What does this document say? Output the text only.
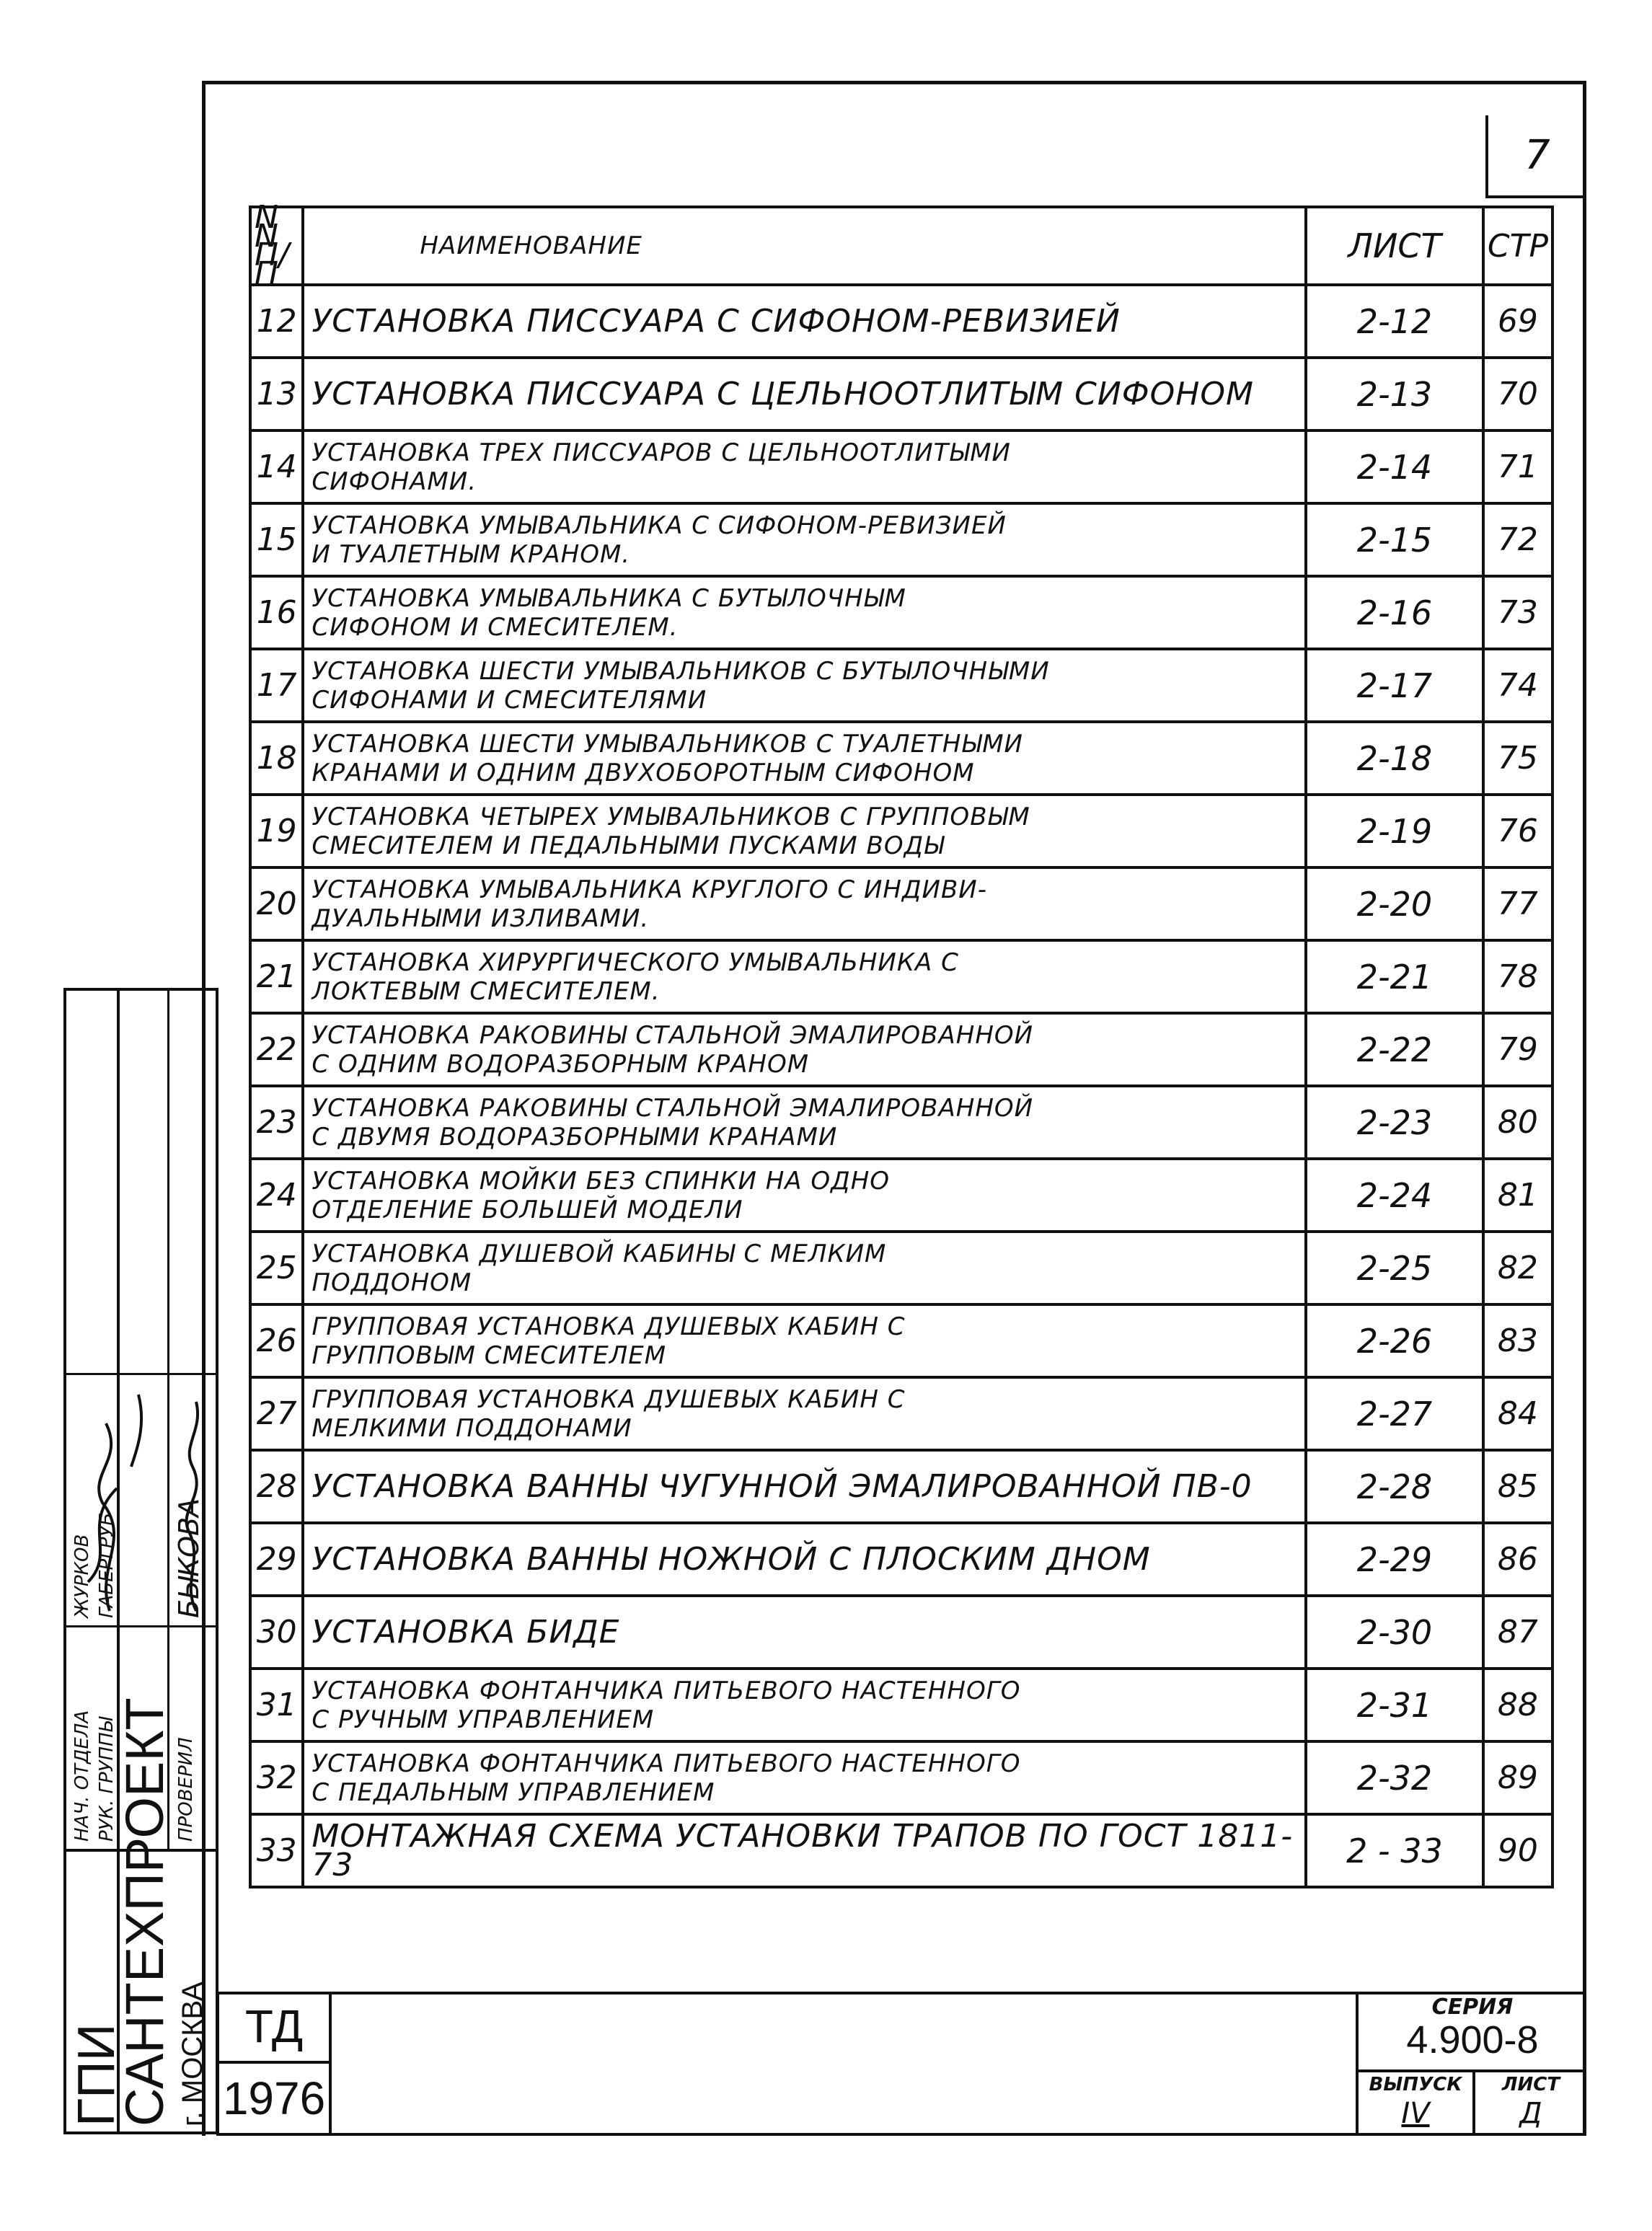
7
N N П/П	НАИМЕНОВАНИЕ	ЛИСТ	СТР
12	УСТАНОВКА ПИССУАРА С СИФОНОМ-РЕВИЗИЕЙ	2-12	69
13	УСТАНОВКА ПИССУАРА С ЦЕЛЬНООТЛИТЫМ СИФОНОМ	2-13	70
14	УСТАНОВКА ТРЕХ ПИССУАРОВ С ЦЕЛЬНООТЛИТЫМИ
СИФОНАМИ.	2-14	71
15	УСТАНОВКА УМЫВАЛЬНИКА С СИФОНОМ-РЕВИЗИЕЙ
И ТУАЛЕТНЫМ КРАНОМ.	2-15	72
16	УСТАНОВКА УМЫВАЛЬНИКА С БУТЫЛОЧНЫМ
СИФОНОМ И СМЕСИТЕЛЕМ.	2-16	73
17	УСТАНОВКА ШЕСТИ УМЫВАЛЬНИКОВ С БУТЫЛОЧНЫМИ
СИФОНАМИ И СМЕСИТЕЛЯМИ	2-17	74
18	УСТАНОВКА ШЕСТИ УМЫВАЛЬНИКОВ С ТУАЛЕТНЫМИ
КРАНАМИ И ОДНИМ ДВУХОБОРОТНЫМ СИФОНОМ	2-18	75
19	УСТАНОВКА ЧЕТЫРЕХ УМЫВАЛЬНИКОВ С ГРУППОВЫМ
СМЕСИТЕЛЕМ И ПЕДАЛЬНЫМИ ПУСКАМИ ВОДЫ	2-19	76
20	УСТАНОВКА УМЫВАЛЬНИКА КРУГЛОГО С ИНДИВИ-
ДУАЛЬНЫМИ ИЗЛИВАМИ.	2-20	77
21	УСТАНОВКА ХИРУРГИЧЕСКОГО УМЫВАЛЬНИКА С
ЛОКТЕВЫМ СМЕСИТЕЛЕМ.	2-21	78
22	УСТАНОВКА РАКОВИНЫ СТАЛЬНОЙ ЭМАЛИРОВАННОЙ
С ОДНИМ ВОДОРАЗБОРНЫМ КРАНОМ	2-22	79
23	УСТАНОВКА РАКОВИНЫ СТАЛЬНОЙ ЭМАЛИРОВАННОЙ
С ДВУМЯ ВОДОРАЗБОРНЫМИ КРАНАМИ	2-23	80
24	УСТАНОВКА МОЙКИ БЕЗ СПИНКИ НА ОДНО
ОТДЕЛЕНИЕ БОЛЬШЕЙ МОДЕЛИ	2-24	81
25	УСТАНОВКА ДУШЕВОЙ КАБИНЫ С МЕЛКИМ
ПОДДОНОМ	2-25	82
26	ГРУППОВАЯ УСТАНОВКА ДУШЕВЫХ КАБИН С
ГРУППОВЫМ СМЕСИТЕЛЕМ	2-26	83
27	ГРУППОВАЯ УСТАНОВКА ДУШЕВЫХ КАБИН С
МЕЛКИМИ ПОДДОНАМИ	2-27	84
28	УСТАНОВКА ВАННЫ ЧУГУННОЙ ЭМАЛИРОВАННОЙ ПВ-0	2-28	85
29	УСТАНОВКА ВАННЫ НОЖНОЙ С ПЛОСКИМ ДНОМ	2-29	86
30	УСТАНОВКА БИДЕ	2-30	87
31	УСТАНОВКА ФОНТАНЧИКА ПИТЬЕВОГО НАСТЕННОГО
С РУЧНЫМ УПРАВЛЕНИЕМ	2-31	88
32	УСТАНОВКА ФОНТАНЧИКА ПИТЬЕВОГО НАСТЕННОГО
С ПЕДАЛЬНЫМ УПРАВЛЕНИЕМ	2-32	89
33	МОНТАЖНАЯ СХЕМА УСТАНОВКИ ТРАПОВ ПО ГОСТ 1811-73	2 - 33	90
ТД
1976
СЕРИЯ
4.900-8
ВЫПУСК
IV
ЛИСТ
Д
ГПИ
САНТЕХПРОЕКТ г. МОСКВА
НАЧ. ОТДЕЛА РУК. ГРУППЫ	ПРОВЕРИЛ
ЖУРКОВ ГАБЕРГРУБ БЫКОВА
